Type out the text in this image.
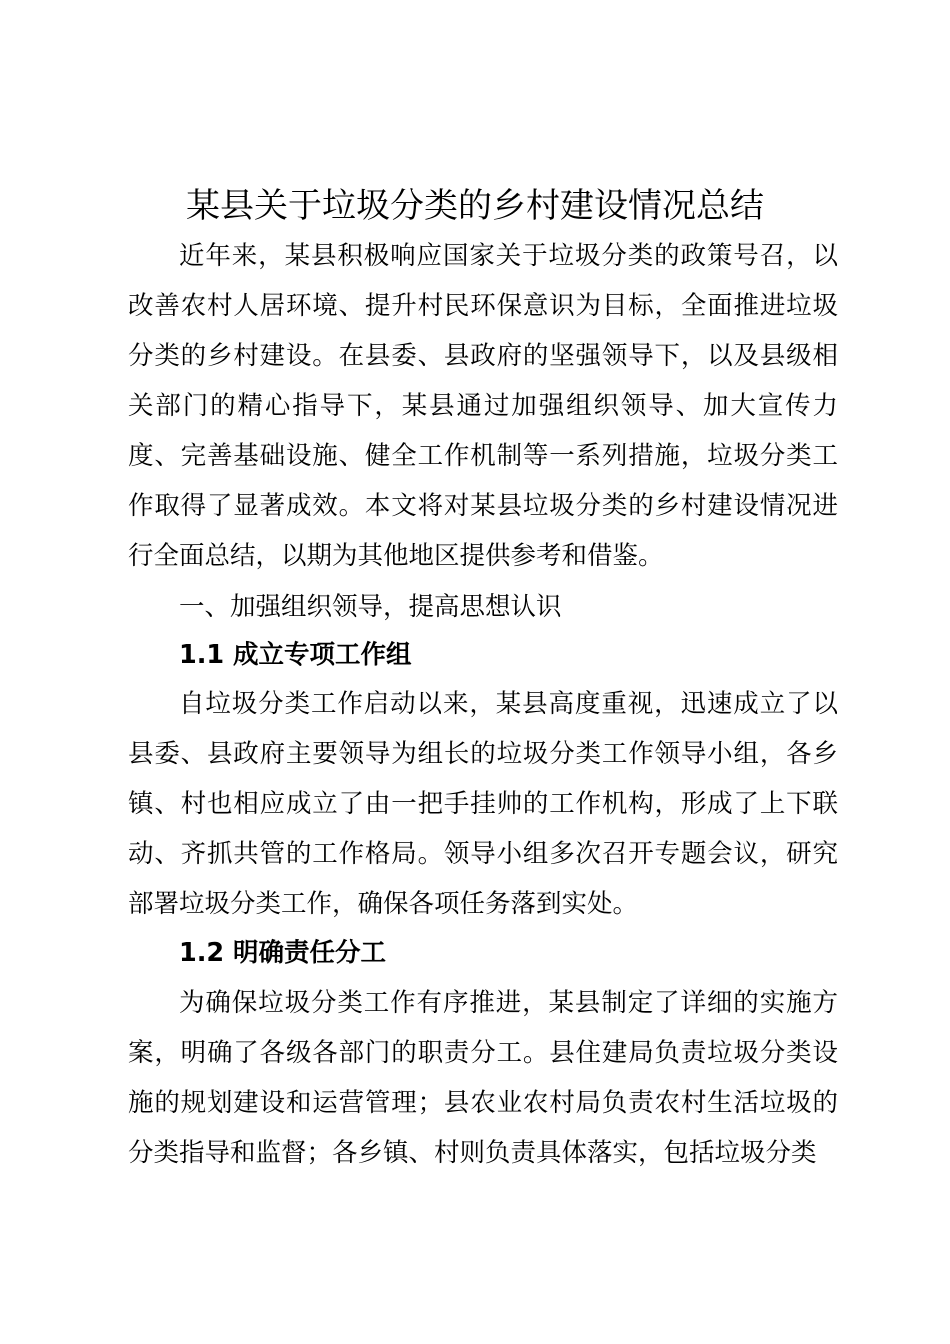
某县关于垃圾分类的乡村建设情况总结

近年来，某县积极响应国家关于垃圾分类的政策号召，以改善农村人居环境、提升村民环保意识为目标，全面推进垃圾分类的乡村建设。在县委、县政府的坚强领导下，以及县级相关部门的精心指导下，某县通过加强组织领导、加大宣传力度、完善基础设施、健全工作机制等一系列措施，垃圾分类工作取得了显著成效。本文将对某县垃圾分类的乡村建设情况进行全面总结，以期为其他地区提供参考和借鉴。

一、加强组织领导，提高思想认识

1.1 成立专项工作组

自垃圾分类工作启动以来，某县高度重视，迅速成立了以县委、县政府主要领导为组长的垃圾分类工作领导小组，各乡镇、村也相应成立了由一把手挂帅的工作机构，形成了上下联动、齐抓共管的工作格局。领导小组多次召开专题会议，研究部署垃圾分类工作，确保各项任务落到实处。

1.2 明确责任分工

为确保垃圾分类工作有序推进，某县制定了详细的实施方案，明确了各级各部门的职责分工。县住建局负责垃圾分类设施的规划建设和运营管理；县农业农村局负责农村生活垃圾的分类指导和监督；各乡镇、村则负责具体落实，包括垃圾分类
